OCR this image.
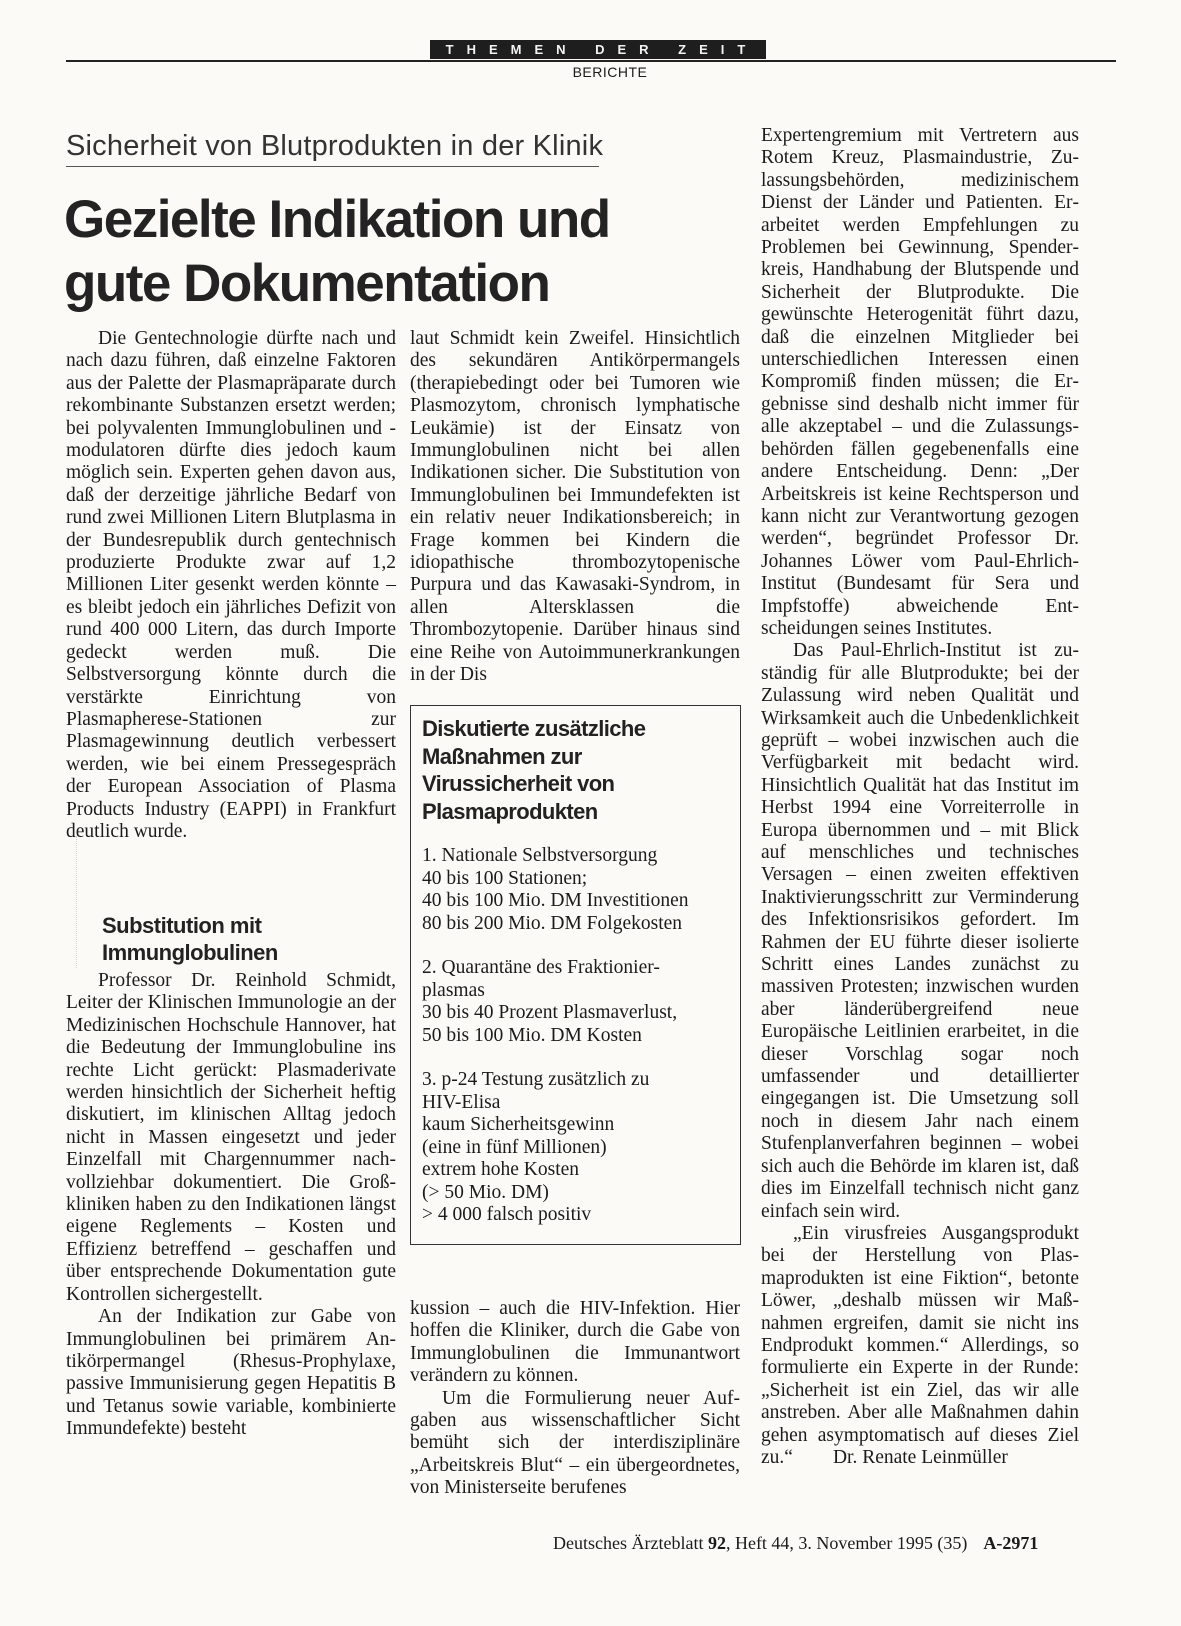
THEMEN DER ZEIT
BERICHTE
Sicherheit von Blutprodukten in der Klinik
Gezielte Indikation und
gute Dokumentation

Die Gentechnologie dürfte nach und nach dazu führen, daß einzelne Faktoren aus der Palette der Plasmapräparate durch rekombinante Substanzen ersetzt werden; bei polyvalenten Immunglobulinen und -modulatoren dürfte dies jedoch kaum möglich sein. Experten gehen davon aus, daß der derzeitige jährliche Bedarf von rund zwei Millionen Litern Blutplasma in der Bundesrepublik durch gentechnisch produzierte Produkte zwar auf 1,2 Millionen Liter gesenkt werden könnte – es bleibt jedoch ein jährliches Defizit von rund 400 000 Litern, das durch Importe gedeckt werden muß. Die Selbstversorgung könnte durch die verstärkte Einrichtung von Plasmapherese-Stationen zur Plasmagewinnung deutlich verbessert werden, wie bei einem Pressegespräch der European Association of Plasma Products Industry (EAPPI) in Frankfurt deutlich wurde.

Substitution mit Immunglobulinen

Professor Dr. Reinhold Schmidt, Leiter der Klinischen Immunologie an der Medizinischen Hochschule Hannover, hat die Bedeutung der Immunglobuline ins rechte Licht gerückt: Plasmaderivate werden hinsichtlich der Sicherheit heftig diskutiert, im klinischen Alltag jedoch nicht in Massen eingesetzt und jeder Einzelfall mit Chargennummer nachvollziehbar dokumentiert. Die Großkliniken haben zu den Indikationen längst eigene Reglements – Kosten und Effizienz betreffend – geschaffen und über entsprechende Dokumentation gute Kontrollen sichergestellt.

An der Indikation zur Gabe von Immunglobulinen bei primärem Antikörpermangel (Rhesus-Prophylaxe, passive Immunisierung gegen Hepatitis B und Tetanus sowie variable, kombinierte Immundefekte) besteht

laut Schmidt kein Zweifel. Hinsichtlich des sekundären Antikörpermangels (therapiebedingt oder bei Tumoren wie Plasmozytom, chronisch lymphatische Leukämie) ist der Einsatz von Immunglobulinen nicht bei allen Indikationen sicher. Die Substitution von Immunglobulinen bei Immundefekten ist ein relativ neuer Indikationsbereich; in Frage kommen bei Kindern die idiopathische thrombozytopenische Purpura und das Kawasaki-Syndrom, in allen Altersklassen die Thrombozytopenie. Darüber hinaus sind eine Reihe von Autoimmunerkrankungen in der Dis

Diskutierte zusätzliche Maßnahmen zur Virussicherheit von Plasmaprodukten
1. Nationale Selbstversorgung
40 bis 100 Stationen;
40 bis 100 Mio. DM Investitionen
80 bis 200 Mio. DM Folgekosten
2. Quarantäne des Fraktionier-
plasmas
30 bis 40 Prozent Plasmaverlust,
50 bis 100 Mio. DM Kosten
3. p-24 Testung zusätzlich zu
HIV-Elisa
kaum Sicherheitsgewinn
(eine in fünf Millionen)
extrem hohe Kosten
(> 50 Mio. DM)
> 4 000 falsch positiv

kussion – auch die HIV-Infektion. Hier hoffen die Kliniker, durch die Gabe von Immunglobulinen die Immunantwort verändern zu können.

Um die Formulierung neuer Aufgaben aus wissenschaftlicher Sicht bemüht sich der interdisziplinäre „Arbeitskreis Blut“ – ein übergeordnetes, von Ministerseite berufenes

Expertengremium mit Vertretern aus Rotem Kreuz, Plasmaindustrie, Zulassungsbehörden, medizinischem Dienst der Länder und Patienten. Erarbeitet werden Empfehlungen zu Problemen bei Gewinnung, Spenderkreis, Handhabung der Blutspende und Sicherheit der Blutprodukte. Die gewünschte Heterogenität führt dazu, daß die einzelnen Mitglieder bei unterschiedlichen Interessen einen Kompromiß finden müssen; die Ergebnisse sind deshalb nicht immer für alle akzeptabel – und die Zulassungsbehörden fällen gegebenenfalls eine andere Entscheidung. Denn: „Der Arbeitskreis ist keine Rechtsperson und kann nicht zur Verantwortung gezogen werden“, begründet Professor Dr. Johannes Löwer vom Paul-Ehrlich-Institut (Bundesamt für Sera und Impfstoffe) abweichende Entscheidungen seines Institutes.

Das Paul-Ehrlich-Institut ist zuständig für alle Blutprodukte; bei der Zulassung wird neben Qualität und Wirksamkeit auch die Unbedenklichkeit geprüft – wobei inzwischen auch die Verfügbarkeit mit bedacht wird. Hinsichtlich Qualität hat das Institut im Herbst 1994 eine Vorreiterrolle in Europa übernommen und – mit Blick auf menschliches und technisches Versagen – einen zweiten effektiven Inaktivierungsschritt zur Verminderung des Infektionsrisikos gefordert. Im Rahmen der EU führte dieser isolierte Schritt eines Landes zunächst zu massiven Protesten; inzwischen wurden aber länderübergreifend neue Europäische Leitlinien erarbeitet, in die dieser Vorschlag sogar noch umfassender und detaillierter eingegangen ist. Die Umsetzung soll noch in diesem Jahr nach einem Stufenplanverfahren beginnen – wobei sich auch die Behörde im klaren ist, daß dies im Einzelfall technisch nicht ganz einfach sein wird.

„Ein virusfreies Ausgangsprodukt bei der Herstellung von Plasmaprodukten ist eine Fiktion“, betonte Löwer, „deshalb müssen wir Maßnahmen ergreifen, damit sie nicht ins Endprodukt kommen.“ Allerdings, so formulierte ein Experte in der Runde: „Sicherheit ist ein Ziel, das wir alle anstreben. Aber alle Maßnahmen dahin gehen asymptomatisch auf dieses Ziel zu.“ Dr. Renate Leinmüller

Deutsches Ärzteblatt 92, Heft 44, 3. November 1995 (35) A-2971
